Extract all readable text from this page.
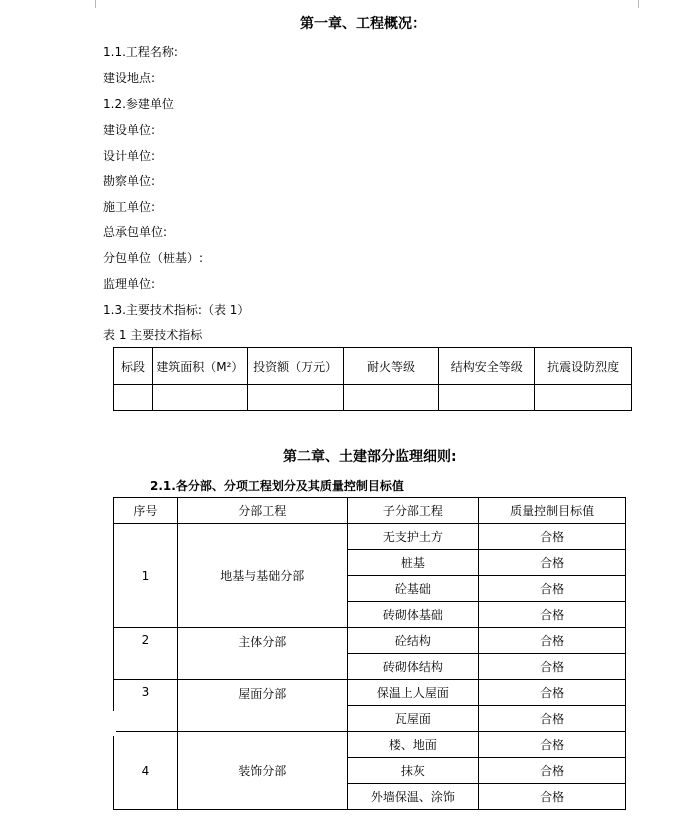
第一章、工程概况：
1.1.工程名称:
建设地点:
1.2.参建单位
建设单位:
设计单位:
勘察单位:
施工单位:
总承包单位:
分包单位（桩基）:
监理单位:
1.3.主要技术指标:（表 1）
表 1 主要技术指标
标段	建筑面积（M²）	投资额（万元）	耐火等级	结构安全等级	抗震设防烈度

第二章、土建部分监理细则:
2.1.各分部、分项工程划分及其质量控制目标值
序号	分部工程	子分部工程	质量控制目标值
1	地基与基础分部	无支护土方	合格
		桩基	合格
		砼基础	合格
		砖砌体基础	合格
2	主体分部	砼结构	合格
		砖砌体结构	合格
3	屋面分部	保温上人屋面	合格
		瓦屋面	合格
4	装饰分部	楼、地面	合格
		抹灰	合格
		外墙保温、涂饰	合格
